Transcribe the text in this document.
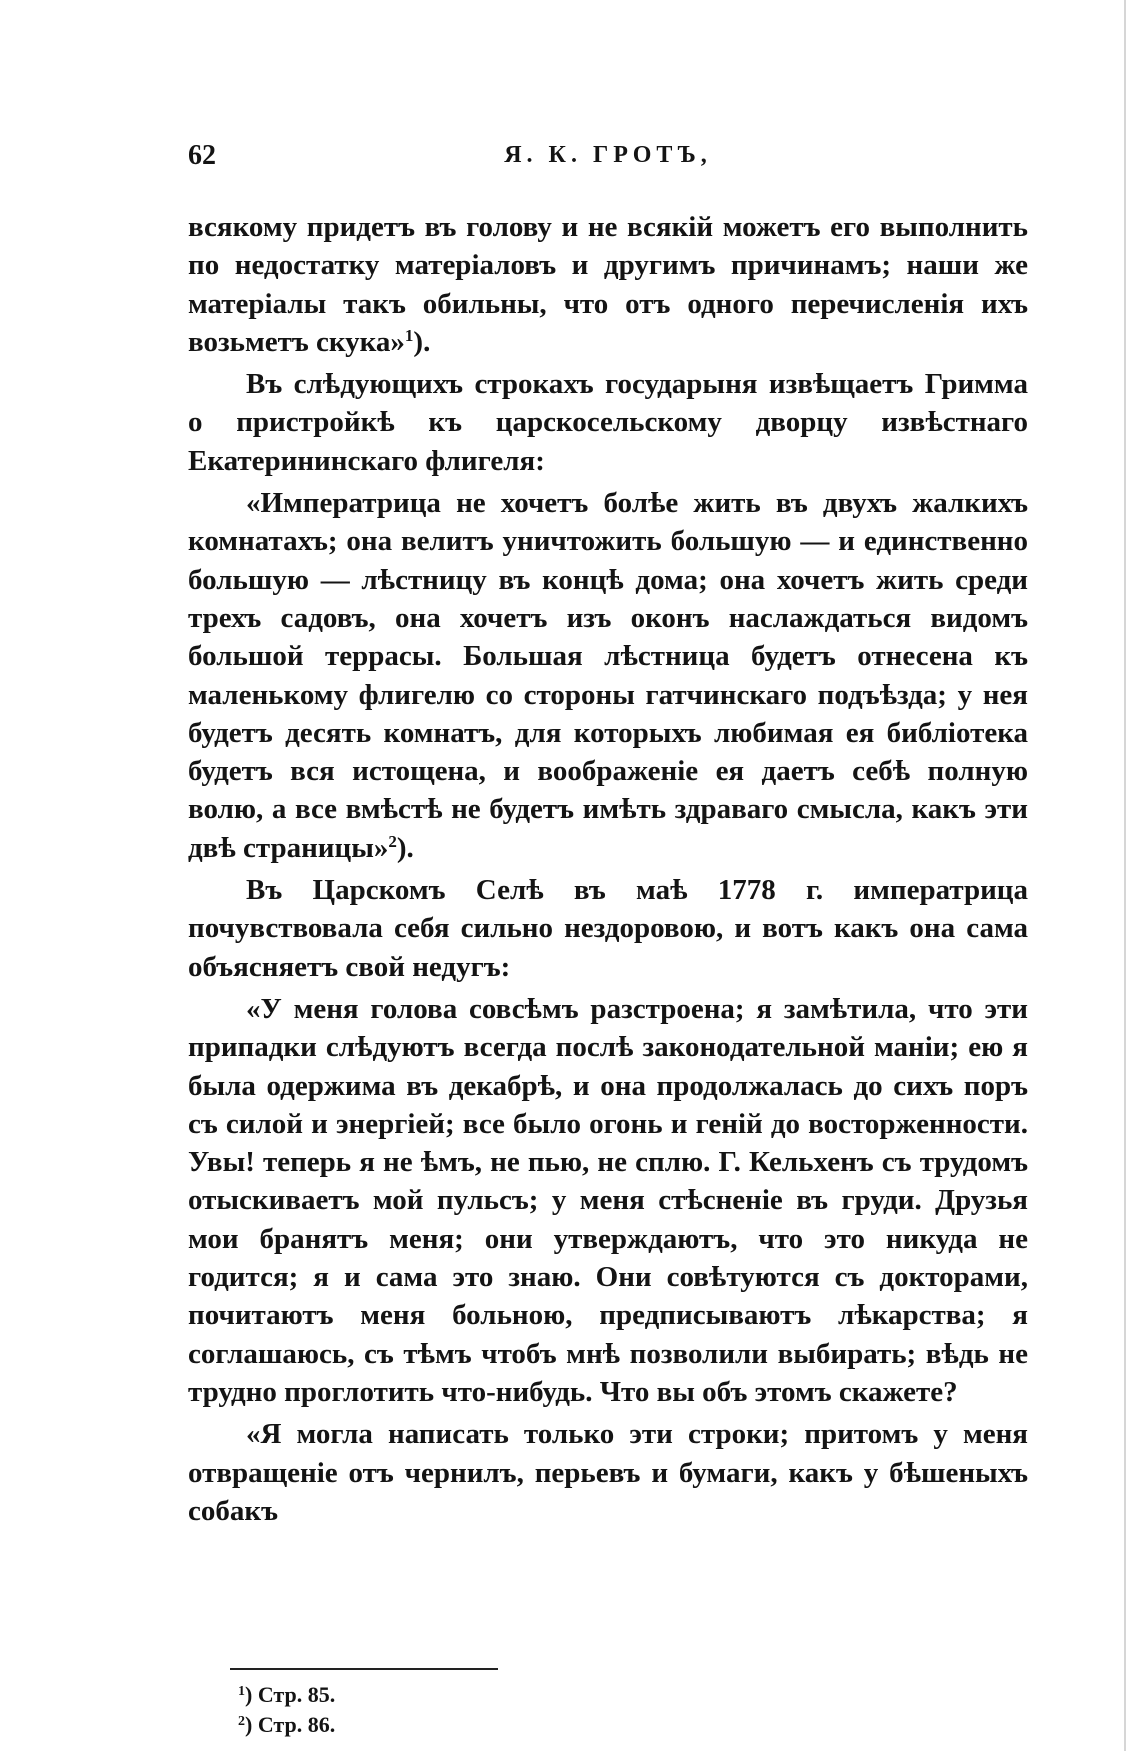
62	Я. К. ГРОТЪ,

всякому придетъ въ голову и не всякій можетъ его выполнить по недостатку матеріаловъ и другимъ причинамъ; наши же матеріалы такъ обильны, что отъ одного перечисленія ихъ возьметъ скука»$^1$).

Въ слѣдующихъ строкахъ государыня извѣщаетъ Гримма о пристройкѣ къ царскосельскому дворцу извѣстнаго Екатерининскаго флигеля:

«Императрица не хочетъ болѣе жить въ двухъ жалкихъ комнатахъ; она велитъ уничтожить большую — и единственно большую — лѣстницу въ концѣ дома; она хочетъ жить среди трехъ садовъ, она хочетъ изъ оконъ наслаждаться видомъ большой террасы. Большая лѣстница будетъ отнесена къ маленькому флигелю со стороны гатчинскаго подъѣзда; у нея будетъ десять комнатъ, для которыхъ любимая ея библіотека будетъ вся истощена, и воображеніе ея даетъ себѣ полную волю, а все вмѣстѣ не будетъ имѣть здраваго смысла, какъ эти двѣ страницы»$^2$).

Въ Царскомъ Селѣ въ маѣ 1778 г. императрица почувствовала себя сильно нездоровою, и вотъ какъ она сама объясняетъ свой недугъ:

«У меня голова совсѣмъ разстроена; я замѣтила, что эти припадки слѣдуютъ всегда послѣ законодательной маніи; ею я была одержима въ декабрѣ, и она продолжалась до сихъ поръ съ силой и энергіей; все было огонь и геній до восторженности. Увы! теперь я не ѣмъ, не пью, не сплю. Г. Кельхенъ съ трудомъ отыскиваетъ мой пульсъ; у меня стѣсненіе въ груди. Друзья мои бранятъ меня; они утверждаютъ, что это никуда не годится; я и сама это знаю. Они совѣтуются съ докторами, почитаютъ меня больною, предписываютъ лѣкарства; я соглашаюсь, съ тѣмъ чтобъ мнѣ позволили выбирать; вѣдь не трудно проглотить что-нибудь. Что вы объ этомъ скажете?

«Я могла написать только эти строки; притомъ у меня отвращеніе отъ чернилъ, перьевъ и бумаги, какъ у бѣшеныхъ собакъ

$^1$) Стр. 85.
$^2$) Стр. 86.
